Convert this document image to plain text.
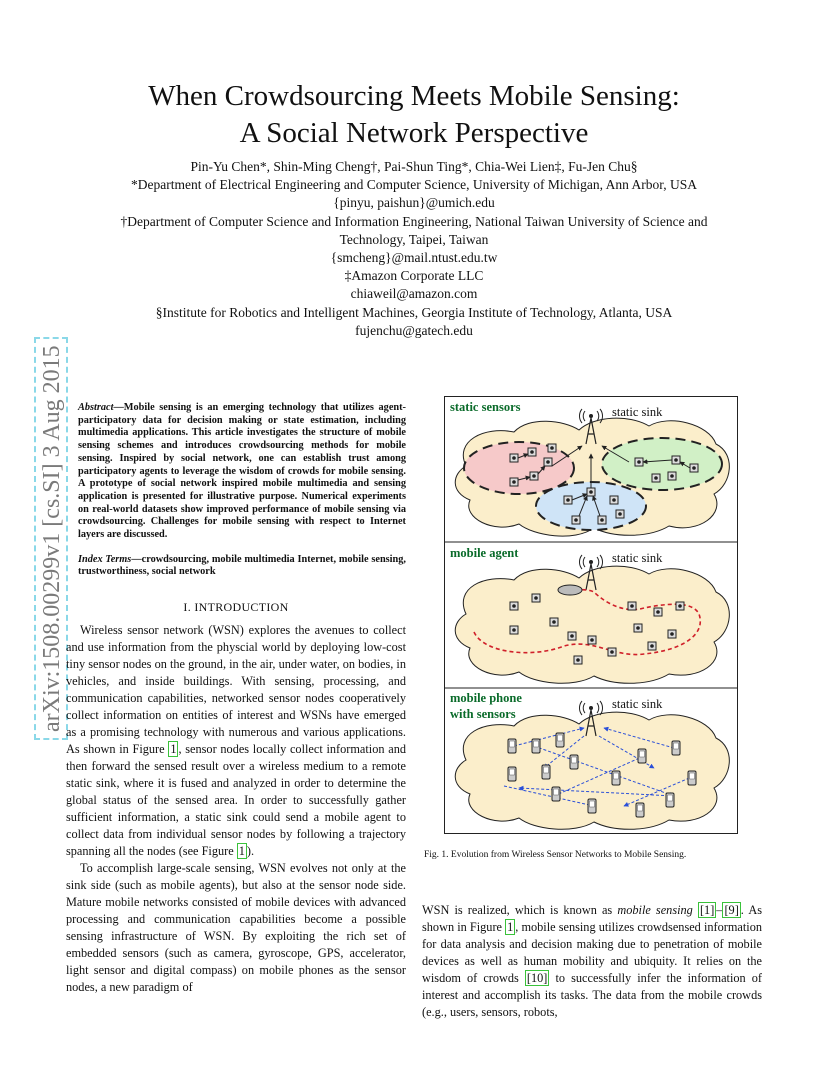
When Crowdsourcing Meets Mobile Sensing:
A Social Network Perspective
Pin-Yu Chen*, Shin-Ming Cheng†, Pai-Shun Ting*, Chia-Wei Lien‡, Fu-Jen Chu§
*Department of Electrical Engineering and Computer Science, University of Michigan, Ann Arbor, USA
{pinyu, paishun}@umich.edu
†Department of Computer Science and Information Engineering, National Taiwan University of Science and
Technology, Taipei, Taiwan
{smcheng}@mail.ntust.edu.tw
‡Amazon Corporate LLC
chiaweil@amazon.com
§Institute for Robotics and Intelligent Machines, Georgia Institute of Technology, Atlanta, USA
fujenchu@gatech.edu
arXiv:1508.00299v1 [cs.SI] 3 Aug 2015 Abstract—Mobile sensing is an emerging technology that utilizes agent-participatory data for decision making or state estimation, including multimedia applications. This article investigates the structure of mobile sensing schemes and introduces crowdsourcing methods for mobile sensing. Inspired by social network, one can establish trust among participatory agents to leverage the wisdom of crowds for mobile sensing. A prototype of social network inspired mobile multimedia and sensing application is presented for illustrative purpose. Numerical experiments on real-world datasets show improved performance of mobile sensing via crowdsourcing. Challenges for mobile sensing with respect to Internet layers are discussed.

Index Terms—crowdsourcing, mobile multimedia Internet, mobile sensing, trustworthiness, social network

I. INTRODUCTION

Wireless sensor network (WSN) explores the avenues to collect and use information from the physcial world by deploying low-cost tiny sensor nodes on the ground, in the air, under water, on bodies, in vehicles, and inside buildings. With sensing, processing, and communication capabilities, networked sensor nodes cooperatively collect information on entities of interest and WSNs have emerged as a promising technology with numerous and various applications. As shown in Figure 1 , sensor nodes locally collect information and then forward the sensed result over a wireless medium to a remote static sink, where it is fused and analyzed in order to determine the global status of the sensed area. In order to successfully gather sufficient information, a static sink could send a mobile agent to collect data from individual sensor nodes by following a trajectory spanning all the nodes (see Figure 1 ).

To accomplish large-scale sensing, WSN evolves not only at the sink side (such as mobile agents), but also at the sensor node side. Mature mobile networks consisted of mobile devices with advanced processing and communication capabilities become a possible sensing infrastructure of WSN. By exploiting the rich set of embedded sensors (such as camera, gyroscope, GPS, accelerator, light sensor and digital compass) on mobile phones as the sensor nodes, a new paradigm of

static sensors	static sink
mobile agent	static sink
mobile phone
with sensors
static sink
Fig. 1. Evolution from Wireless Sensor Networks to Mobile Sensing.
WSN is realized, which is known as mobile sensing [1] – [9] . As shown in Figure 1 , mobile sensing utilizes crowdsensed information for data analysis and decision making due to penetration of mobile devices as well as human mobility and ubiquity. It relies on the wisdom of crowds [10] to successfully infer the information of interest and accomplish its tasks. The data from the mobile crowds (e.g., users, sensors, robots,
